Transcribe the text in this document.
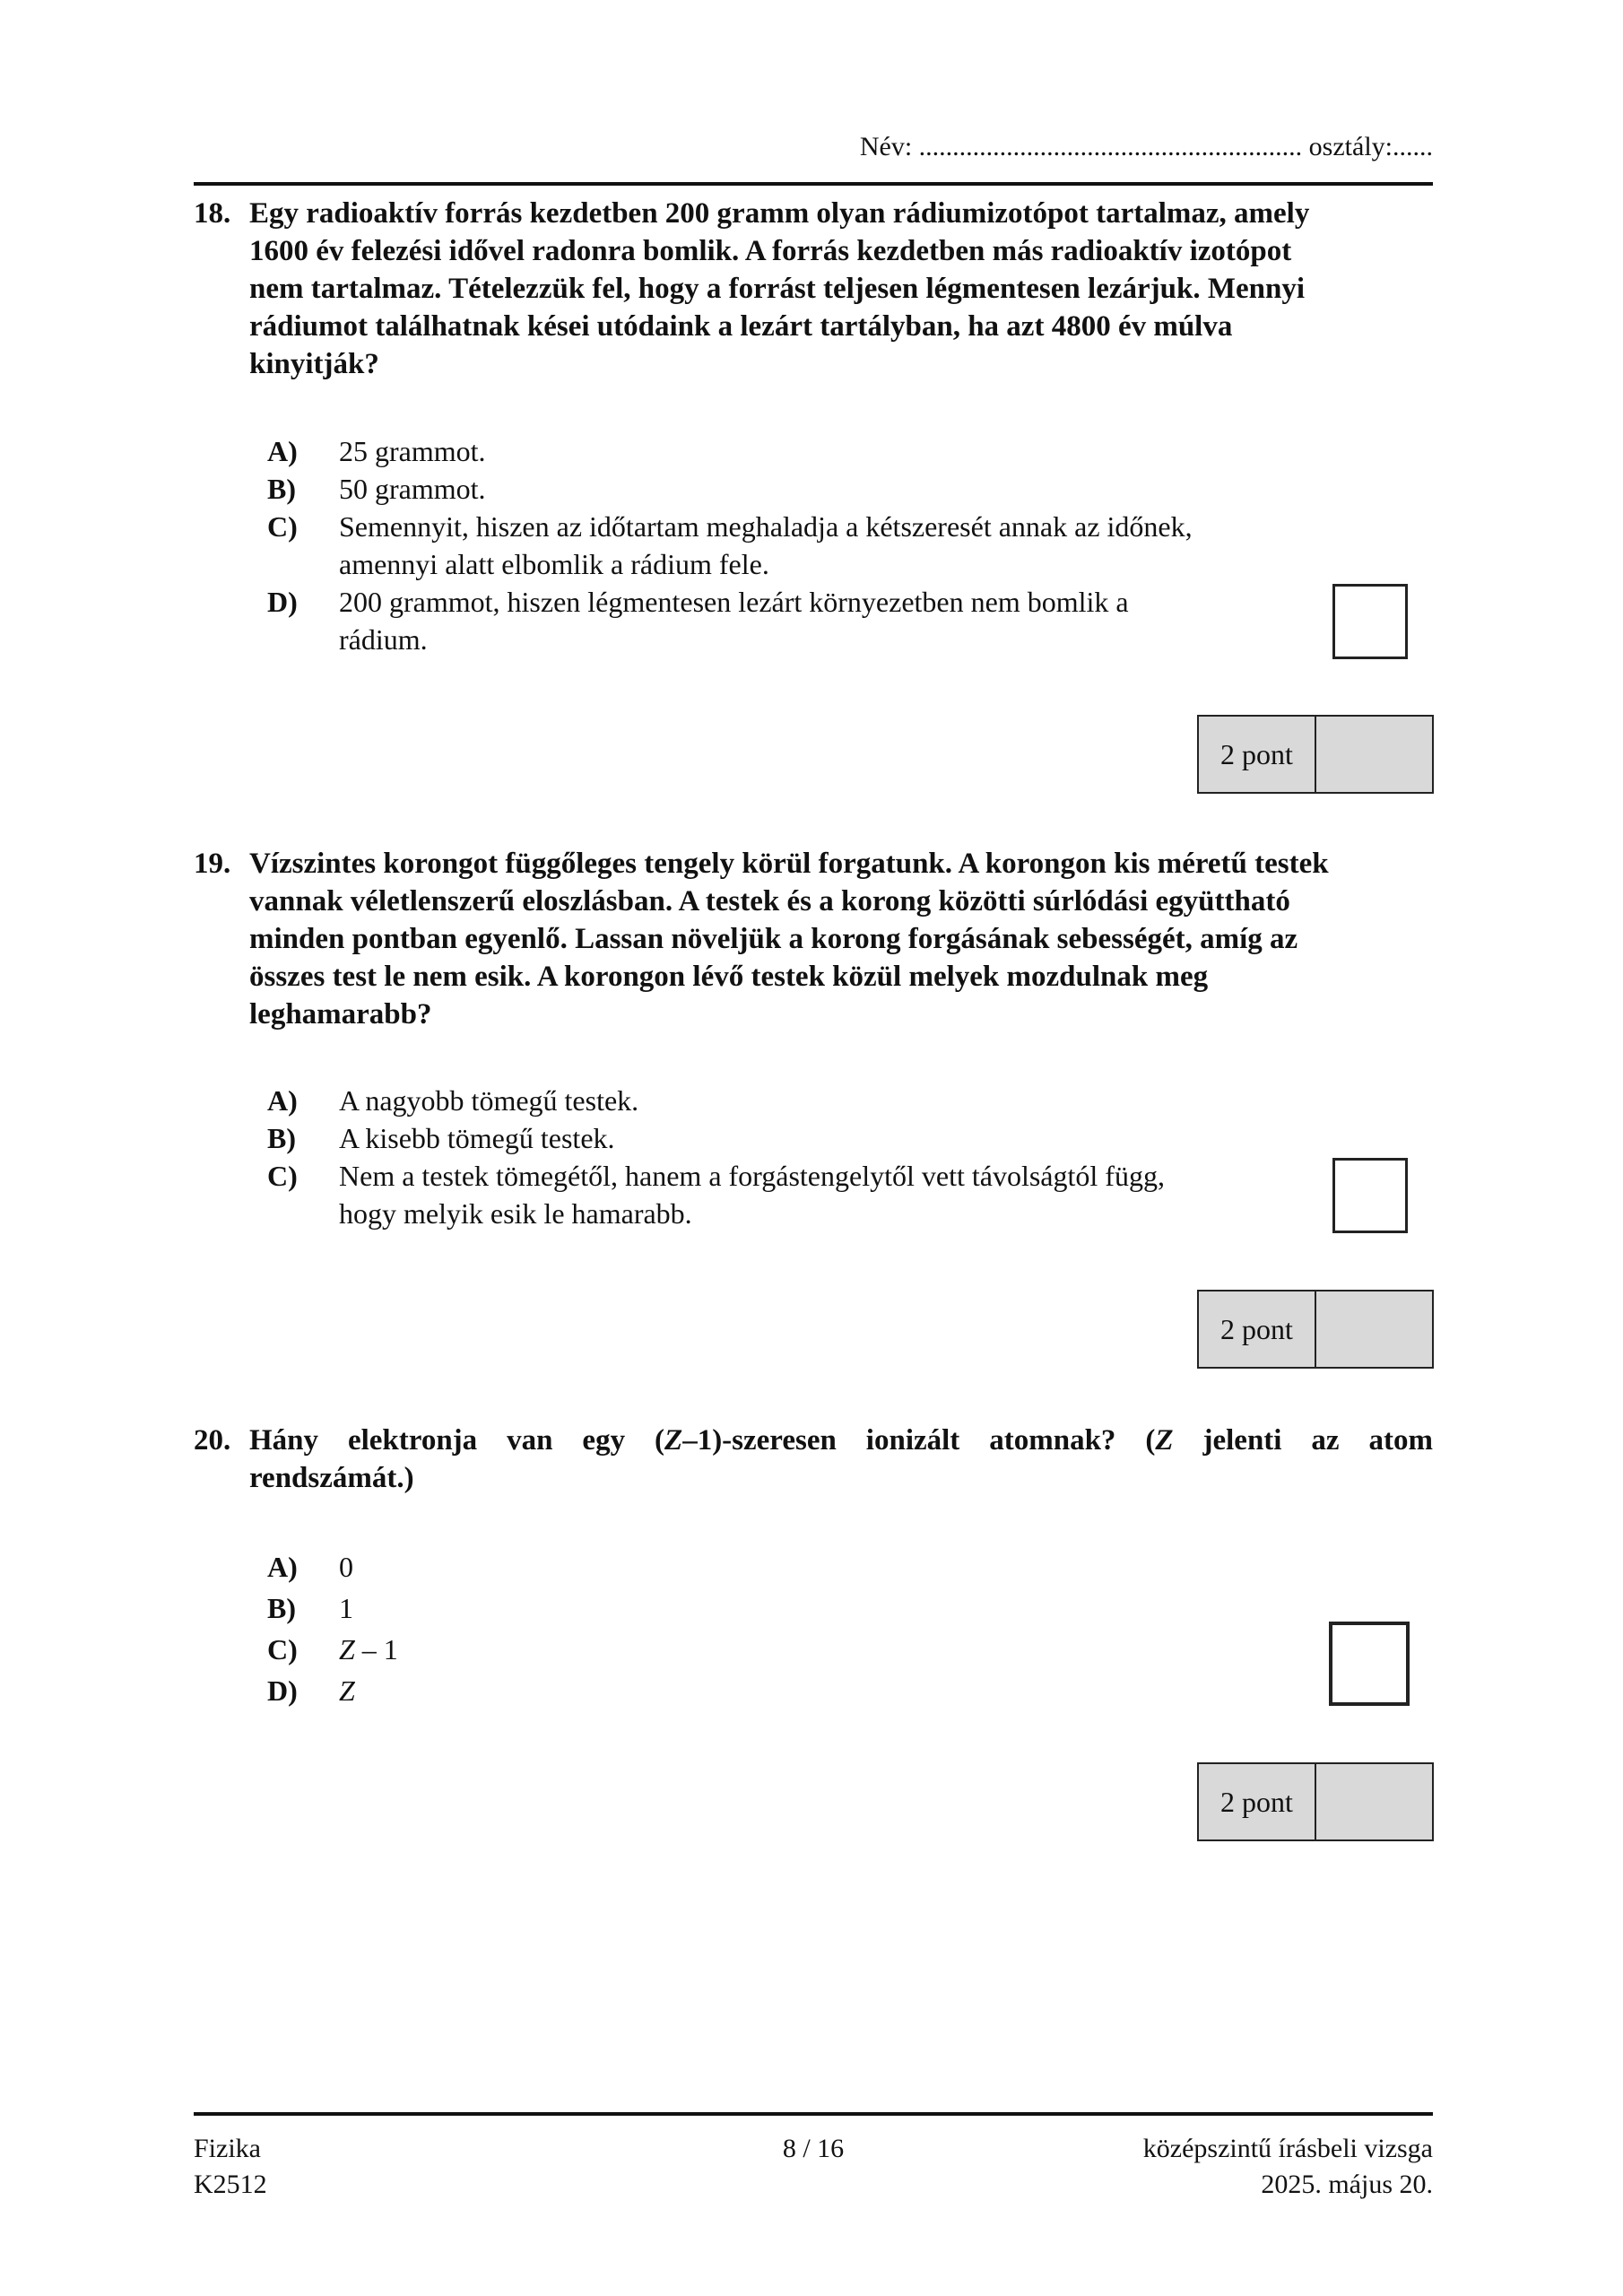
Név: ......................................................... osztály:......
18. Egy radioaktív forrás kezdetben 200 gramm olyan rádiumizotópot tartalmaz, amely
1600 év felezési idővel radonra bomlik. A forrás kezdetben más radioaktív izotópot
nem tartalmaz. Tételezzük fel, hogy a forrást teljesen légmentesen lezárjuk. Mennyi
rádiumot találhatnak kései utódaink a lezárt tartályban, ha azt 4800 év múlva
kinyitják?
A) 25 grammot.
B) 50 grammot.
C) Semennyit, hiszen az időtartam meghaladja a kétszeresét annak az időnek,
amennyi alatt elbomlik a rádium fele.
D) 200 grammot, hiszen légmentesen lezárt környezetben nem bomlik a
rádium.
2 pont
19. Vízszintes korongot függőleges tengely körül forgatunk. A korongon kis méretű testek
vannak véletlenszerű eloszlásban. A testek és a korong közötti súrlódási együttható
minden pontban egyenlő. Lassan növeljük a korong forgásának sebességét, amíg az
összes test le nem esik. A korongon lévő testek közül melyek mozdulnak meg
leghamarabb?
A) A nagyobb tömegű testek.
B) A kisebb tömegű testek.
C) Nem a testek tömegétől, hanem a forgástengelytől vett távolságtól függ,
hogy melyik esik le hamarabb.
2 pont
20. Hány elektronja van egy (Z–1)-szeresen ionizált atomnak? (Z jelenti az atom
rendszámát.)
A) 0
B) 1
C) Z – 1
D) Z
2 pont
Fizika
K2512
8 / 16	középszintű írásbeli vizsga
2025. május 20.
